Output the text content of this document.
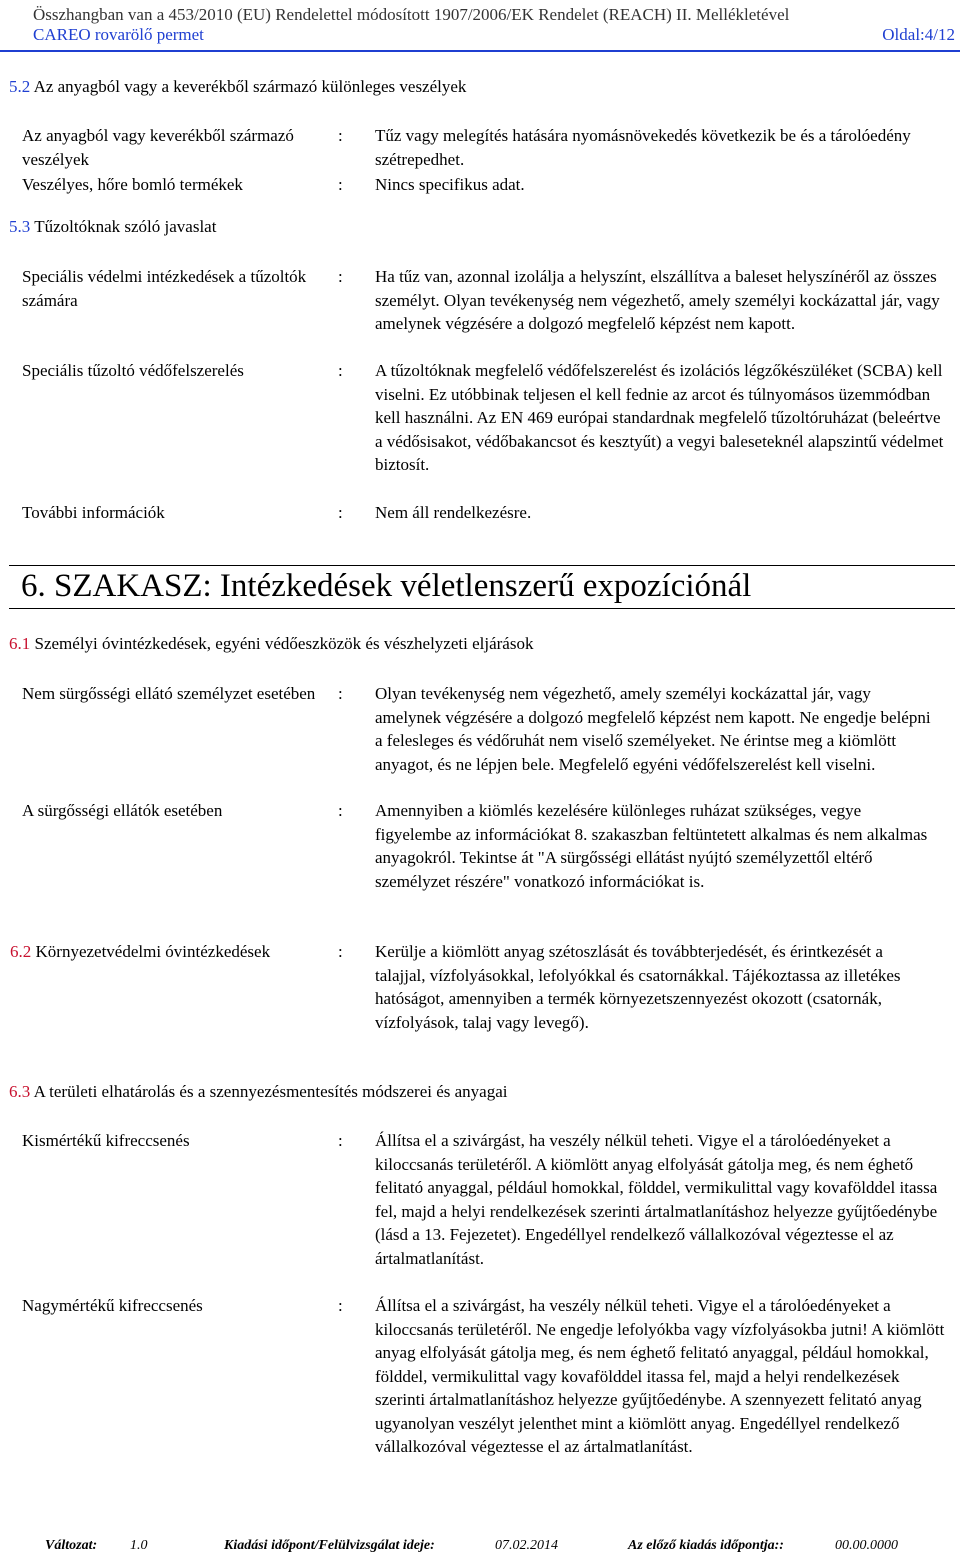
Összhangban van a 453/2010 (EU) Rendelettel módosított 1907/2006/EK Rendelet (REACH) II. Mellékletével
CAREO rovarölő permet	Oldal:4/12
5.2 Az anyagból vagy a keverékből származó különleges veszélyek
Az anyagból vagy keverékből származó veszélyek
: Tűz vagy melegítés hatására nyomásnövekedés következik be és a tárolóedény szétrepedhet.
Veszélyes, hőre bomló termékek	: Nincs specifikus adat.
5.3 Tűzoltóknak szóló javaslat
Speciális védelmi intézkedések a tűzoltók számára
: Ha tűz van, azonnal izolálja a helyszínt, elszállítva a baleset helyszínéről az összes személyt. Olyan tevékenység nem végezhető, amely személyi kockázattal jár, vagy amelynek végzésére a dolgozó megfelelő képzést nem kapott.
Speciális tűzoltó védőfelszerelés	: A tűzoltóknak megfelelő védőfelszerelést és izolációs légzőkészüléket (SCBA) kell viselni. Ez utóbbinak teljesen el kell fednie az arcot és túlnyomásos üzemmódban kell használni. Az EN 469 európai standardnak megfelelő tűzoltóruházat (beleértve a védősisakot, védőbakancsot és kesztyűt) a vegyi baleseteknél alapszintű védelmet biztosít.
További információk	: Nem áll rendelkezésre.
6. SZAKASZ: Intézkedések véletlenszerű expozíciónál
6.1 Személyi óvintézkedések, egyéni védőeszközök és vészhelyzeti eljárások
Nem sürgősségi ellátó személyzet esetében	: Olyan tevékenység nem végezhető, amely személyi kockázattal jár, vagy amelynek végzésére a dolgozó megfelelő képzést nem kapott. Ne engedje belépni a felesleges és védőruhát nem viselő személyeket. Ne érintse meg a kiömlött anyagot, és ne lépjen bele. Megfelelő egyéni védőfelszerelést kell viselni.
A sürgősségi ellátók esetében	: Amennyiben a kiömlés kezelésére különleges ruházat szükséges, vegye figyelembe az információkat 8. szakaszban feltüntetett alkalmas és nem alkalmas anyagokról. Tekintse át "A sürgősségi ellátást nyújtó személyzettől eltérő személyzet részére" vonatkozó információkat is.
6.2 Környezetvédelmi óvintézkedések	: Kerülje a kiömlött anyag szétoszlását és továbbterjedését, és érintkezését a talajjal, vízfolyásokkal, lefolyókkal és csatornákkal. Tájékoztassa az illetékes hatóságot, amennyiben a termék környezetszennyezést okozott (csatornák, vízfolyások, talaj vagy levegő).
6.3 A területi elhatárolás és a szennyezésmentesítés módszerei és anyagai
Kismértékű kifreccsenés	: Állítsa el a szivárgást, ha veszély nélkül teheti. Vigye el a tárolóedényeket a kiloccsanás területéről. A kiömlött anyag elfolyását gátolja meg, és nem éghető felitató anyaggal, például homokkal, földdel, vermikulittal vagy kovafölddel itassa fel, majd a helyi rendelkezések szerinti ártalmatlanításhoz helyezze gyűjtőedénybe (lásd a 13. Fejezetet). Engedéllyel rendelkező vállalkozóval végeztesse el az ártalmatlanítást.
Nagymértékű kifreccsenés	: Állítsa el a szivárgást, ha veszély nélkül teheti. Vigye el a tárolóedényeket a kiloccsanás területéről. Ne engedje lefolyókba vagy vízfolyásokba jutni! A kiömlött anyag elfolyását gátolja meg, és nem éghető felitató anyaggal, például homokkal, földdel, vermikulittal vagy kovafölddel itassa fel, majd a helyi rendelkezések szerinti ártalmatlanításhoz helyezze gyűjtőedénybe. A szennyezett felitató anyag ugyanolyan veszélyt jelenthet mint a kiömlött anyag. Engedéllyel rendelkező vállalkozóval végeztesse el az ártalmatlanítást.
Változat: 1.0	Kiadási időpont/Felülvizsgálat ideje:	07.02.2014	Az előző kiadás időpontja::	00.00.0000
